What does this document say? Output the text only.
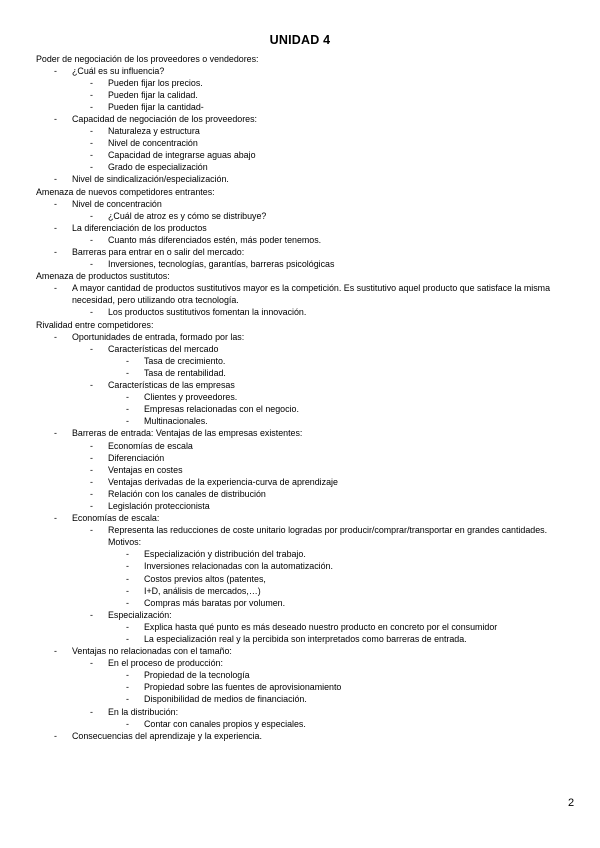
UNIDAD 4
Poder de negociación de los proveedores o vendedores:
-	¿Cuál es su influencia?
-	Pueden fijar los precios.
-	Pueden fijar la calidad.
-	Pueden fijar la cantidad-
-	Capacidad de negociación de los proveedores:
-	Naturaleza y estructura
-	Nivel de concentración
-	Capacidad de integrarse aguas abajo
-	Grado de especialización
-	Nivel de sindicalización/especialización.
Amenaza de nuevos competidores entrantes:
-	Nivel de concentración
-	¿Cuál de atroz es y cómo se distribuye?
-	La diferenciación de los productos
-	Cuanto más diferenciados estén, más poder tenemos.
-	Barreras para entrar en o salir del mercado:
-	Inversiones, tecnologías, garantías, barreras psicológicas
Amenaza de productos sustitutos:
-	A mayor cantidad de productos sustitutivos mayor es la competición. Es sustitutivo aquel producto que satisface la misma necesidad, pero utilizando otra tecnología.
-	Los productos sustitutivos fomentan la innovación.
Rivalidad entre competidores:
-	Oportunidades de entrada, formado por las:
-	Características del mercado
-	Tasa de crecimiento.
-	Tasa de rentabilidad.
-	Características de las empresas
-	Clientes y proveedores.
-	Empresas relacionadas con el negocio.
-	Multinacionales.
-	Barreras de entrada: Ventajas de las empresas existentes:
-	Economías de escala
-	Diferenciación
-	Ventajas en costes
-	Ventajas derivadas de la experiencia-curva de aprendizaje
-	Relación con los canales de distribución
-	Legislación proteccionista
-	Economías de escala:
-	Representa las reducciones de coste unitario logradas por producir/comprar/transportar en grandes cantidades. Motivos:
-	Especialización y distribución del trabajo.
-	Inversiones relacionadas con la automatización.
-	Costos previos altos (patentes,
-	I+D, análisis de mercados,…)
-	Compras más baratas por volumen.
-	Especialización:
-	Explica hasta qué punto es más deseado nuestro producto en concreto por el consumidor
-	La especialización real y la percibida son interpretados como barreras de entrada.
-	Ventajas no relacionadas con el tamaño:
-	En el proceso de producción:
-	Propiedad de la tecnología
-	Propiedad sobre las fuentes de aprovisionamiento
-	Disponibilidad de medios de financiación.
-	En la distribución:
-	Contar con canales propios y especiales.
-	Consecuencias del aprendizaje y la experiencia.
2
